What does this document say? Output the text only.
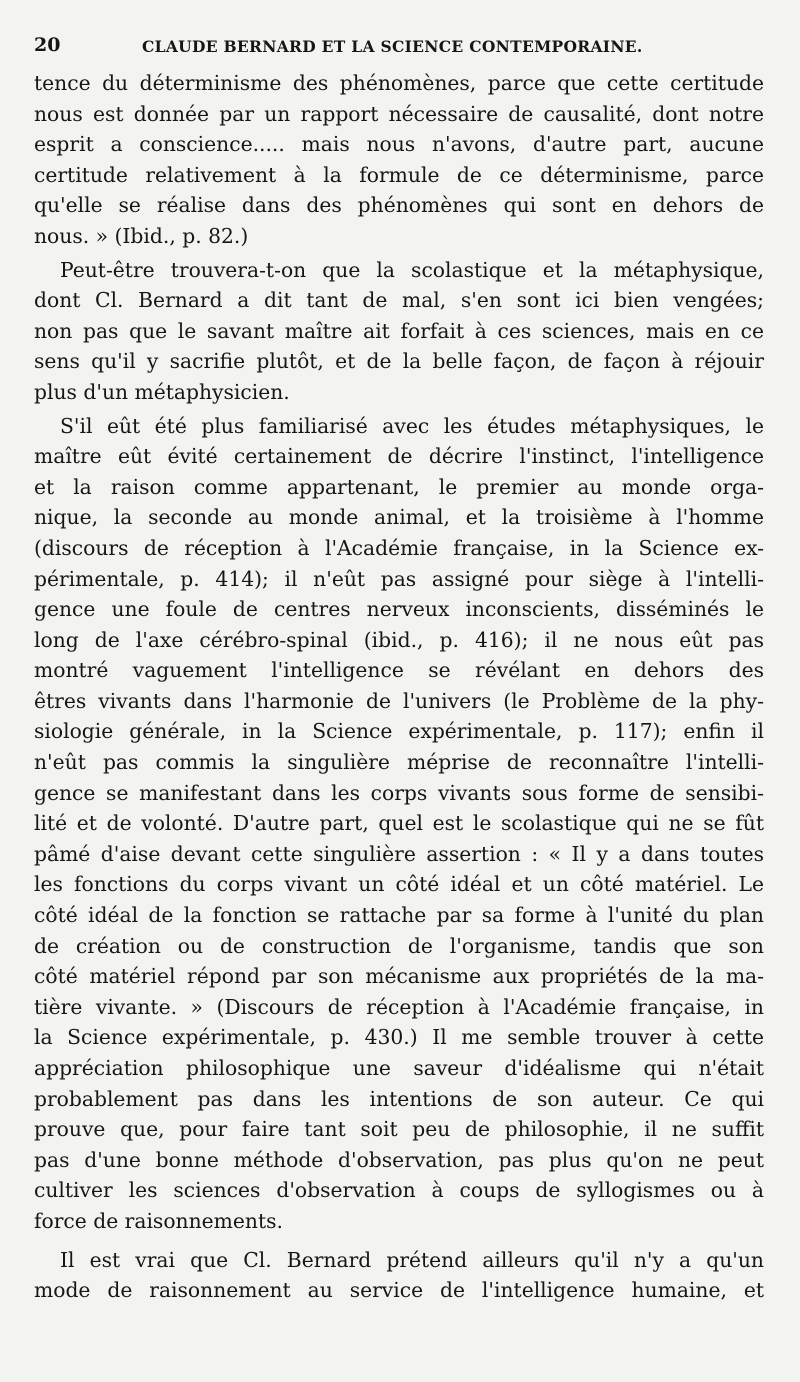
20	CLAUDE BERNARD ET LA SCIENCE CONTEMPORAINE.
tence du déterminisme des phénomènes, parce que cette certitude
nous est donnée par un rapport nécessaire de causalité, dont notre
esprit a conscience..... mais nous n'avons, d'autre part, aucune
certitude relativement à la formule de ce déterminisme, parce
qu'elle se réalise dans des phénomènes qui sont en dehors de
nous. » (Ibid., p. 82.)
Peut-être trouvera-t-on que la scolastique et la métaphysique,
dont Cl. Bernard a dit tant de mal, s'en sont ici bien vengées;
non pas que le savant maître ait forfait à ces sciences, mais en ce
sens qu'il y sacrifie plutôt, et de la belle façon, de façon à réjouir
plus d'un métaphysicien.
S'il eût été plus familiarisé avec les études métaphysiques, le
maître eût évité certainement de décrire l'instinct, l'intelligence
et la raison comme appartenant, le premier au monde orga-
nique, la seconde au monde animal, et la troisième à l'homme
(discours de réception à l'Académie française, in la Science ex-
périmentale, p. 414); il n'eût pas assigné pour siège à l'intelli-
gence une foule de centres nerveux inconscients, disséminés le
long de l'axe cérébro-spinal (ibid., p. 416); il ne nous eût pas
montré vaguement l'intelligence se révélant en dehors des
êtres vivants dans l'harmonie de l'univers (le Problème de la phy-
siologie générale, in la Science expérimentale, p. 117); enfin il
n'eût pas commis la singulière méprise de reconnaître l'intelli-
gence se manifestant dans les corps vivants sous forme de sensibi-
lité et de volonté. D'autre part, quel est le scolastique qui ne se fût
pâmé d'aise devant cette singulière assertion : « Il y a dans toutes
les fonctions du corps vivant un côté idéal et un côté matériel. Le
côté idéal de la fonction se rattache par sa forme à l'unité du plan
de création ou de construction de l'organisme, tandis que son
côté matériel répond par son mécanisme aux propriétés de la ma-
tière vivante. » (Discours de réception à l'Académie française, in
la Science expérimentale, p. 430.) Il me semble trouver à cette
appréciation philosophique une saveur d'idéalisme qui n'était
probablement pas dans les intentions de son auteur. Ce qui
prouve que, pour faire tant soit peu de philosophie, il ne suffit
pas d'une bonne méthode d'observation, pas plus qu'on ne peut
cultiver les sciences d'observation à coups de syllogismes ou à
force de raisonnements.
Il est vrai que Cl. Bernard prétend ailleurs qu'il n'y a qu'un
mode de raisonnement au service de l'intelligence humaine, et
